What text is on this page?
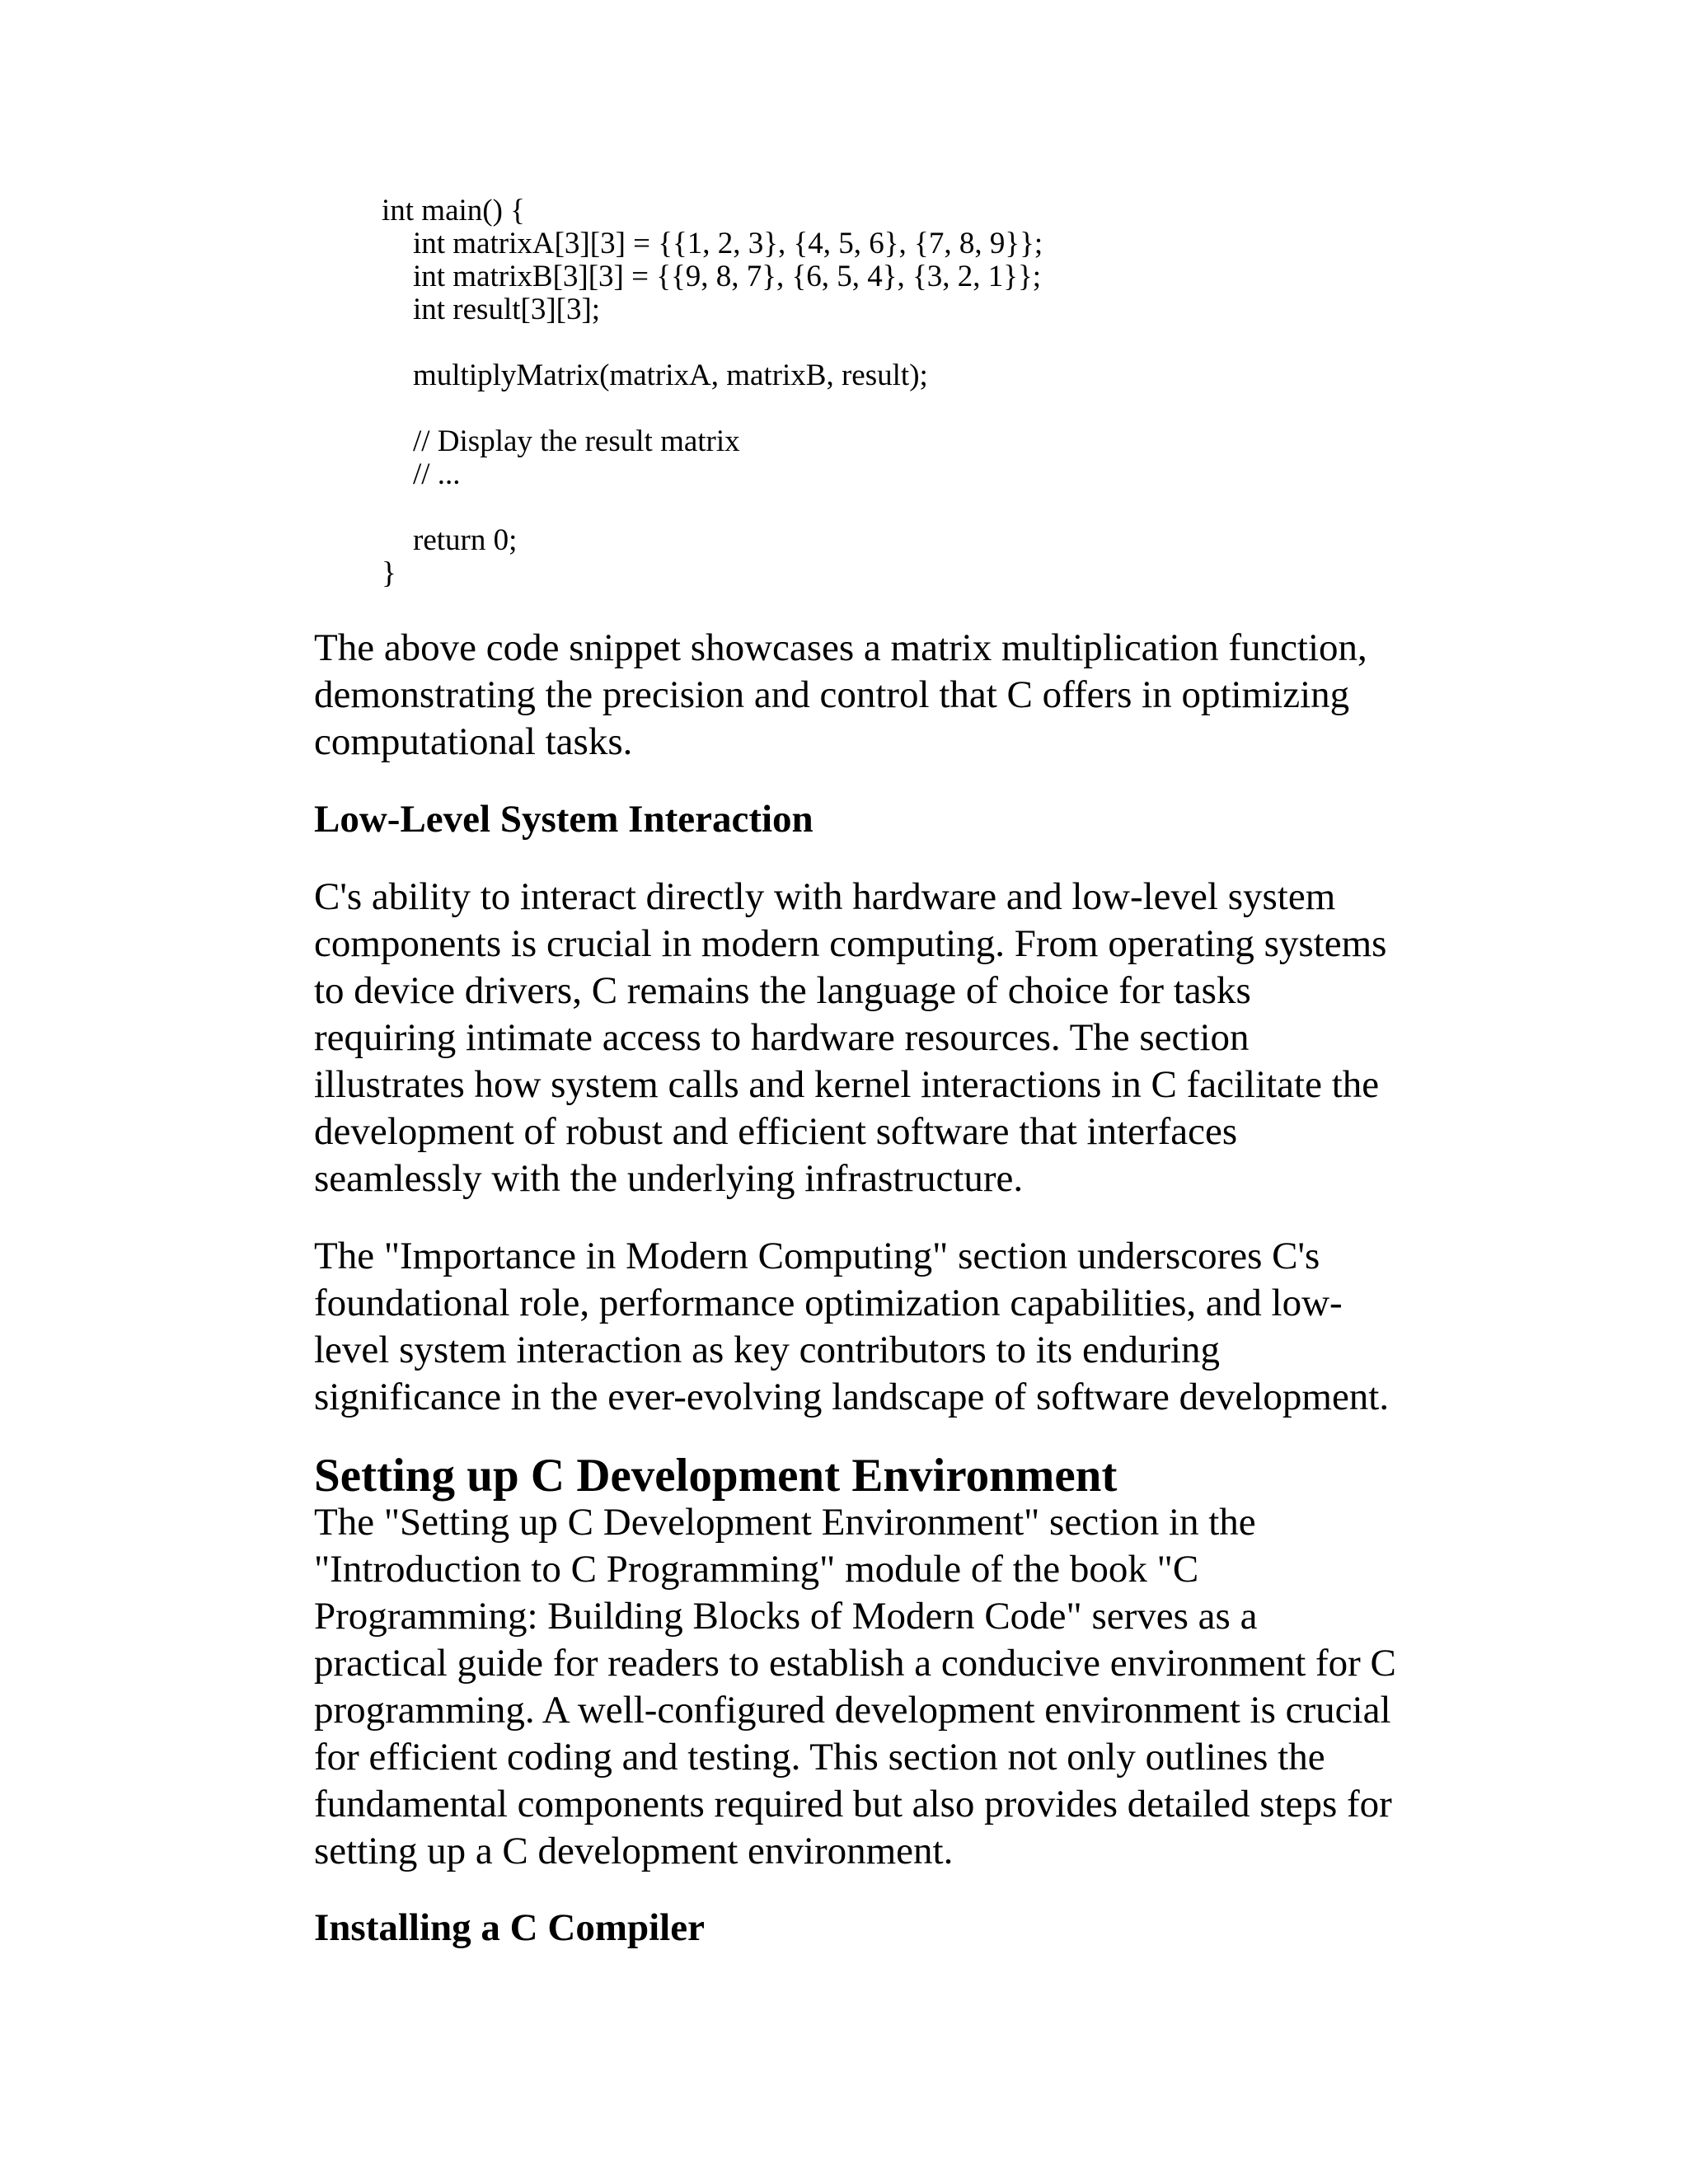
int main() {
int matrixA[3][3] = {{1, 2, 3}, {4, 5, 6}, {7, 8, 9}};
int matrixB[3][3] = {{9, 8, 7}, {6, 5, 4}, {3, 2, 1}};
int result[3][3];
multiplyMatrix(matrixA, matrixB, result);
// Display the result matrix
// ...
return 0;
}

The above code snippet showcases a matrix multiplication function,
demonstrating the precision and control that C offers in optimizing
computational tasks.

Low-Level System Interaction

C's ability to interact directly with hardware and low-level system
components is crucial in modern computing. From operating systems
to device drivers, C remains the language of choice for tasks
requiring intimate access to hardware resources. The section
illustrates how system calls and kernel interactions in C facilitate the
development of robust and efficient software that interfaces
seamlessly with the underlying infrastructure.

The "Importance in Modern Computing" section underscores C's
foundational role, performance optimization capabilities, and low-
level system interaction as key contributors to its enduring
significance in the ever-evolving landscape of software development.

Setting up C Development Environment

The "Setting up C Development Environment" section in the
"Introduction to C Programming" module of the book "C
Programming: Building Blocks of Modern Code" serves as a
practical guide for readers to establish a conducive environment for C
programming. A well-configured development environment is crucial
for efficient coding and testing. This section not only outlines the
fundamental components required but also provides detailed steps for
setting up a C development environment.

Installing a C Compiler
